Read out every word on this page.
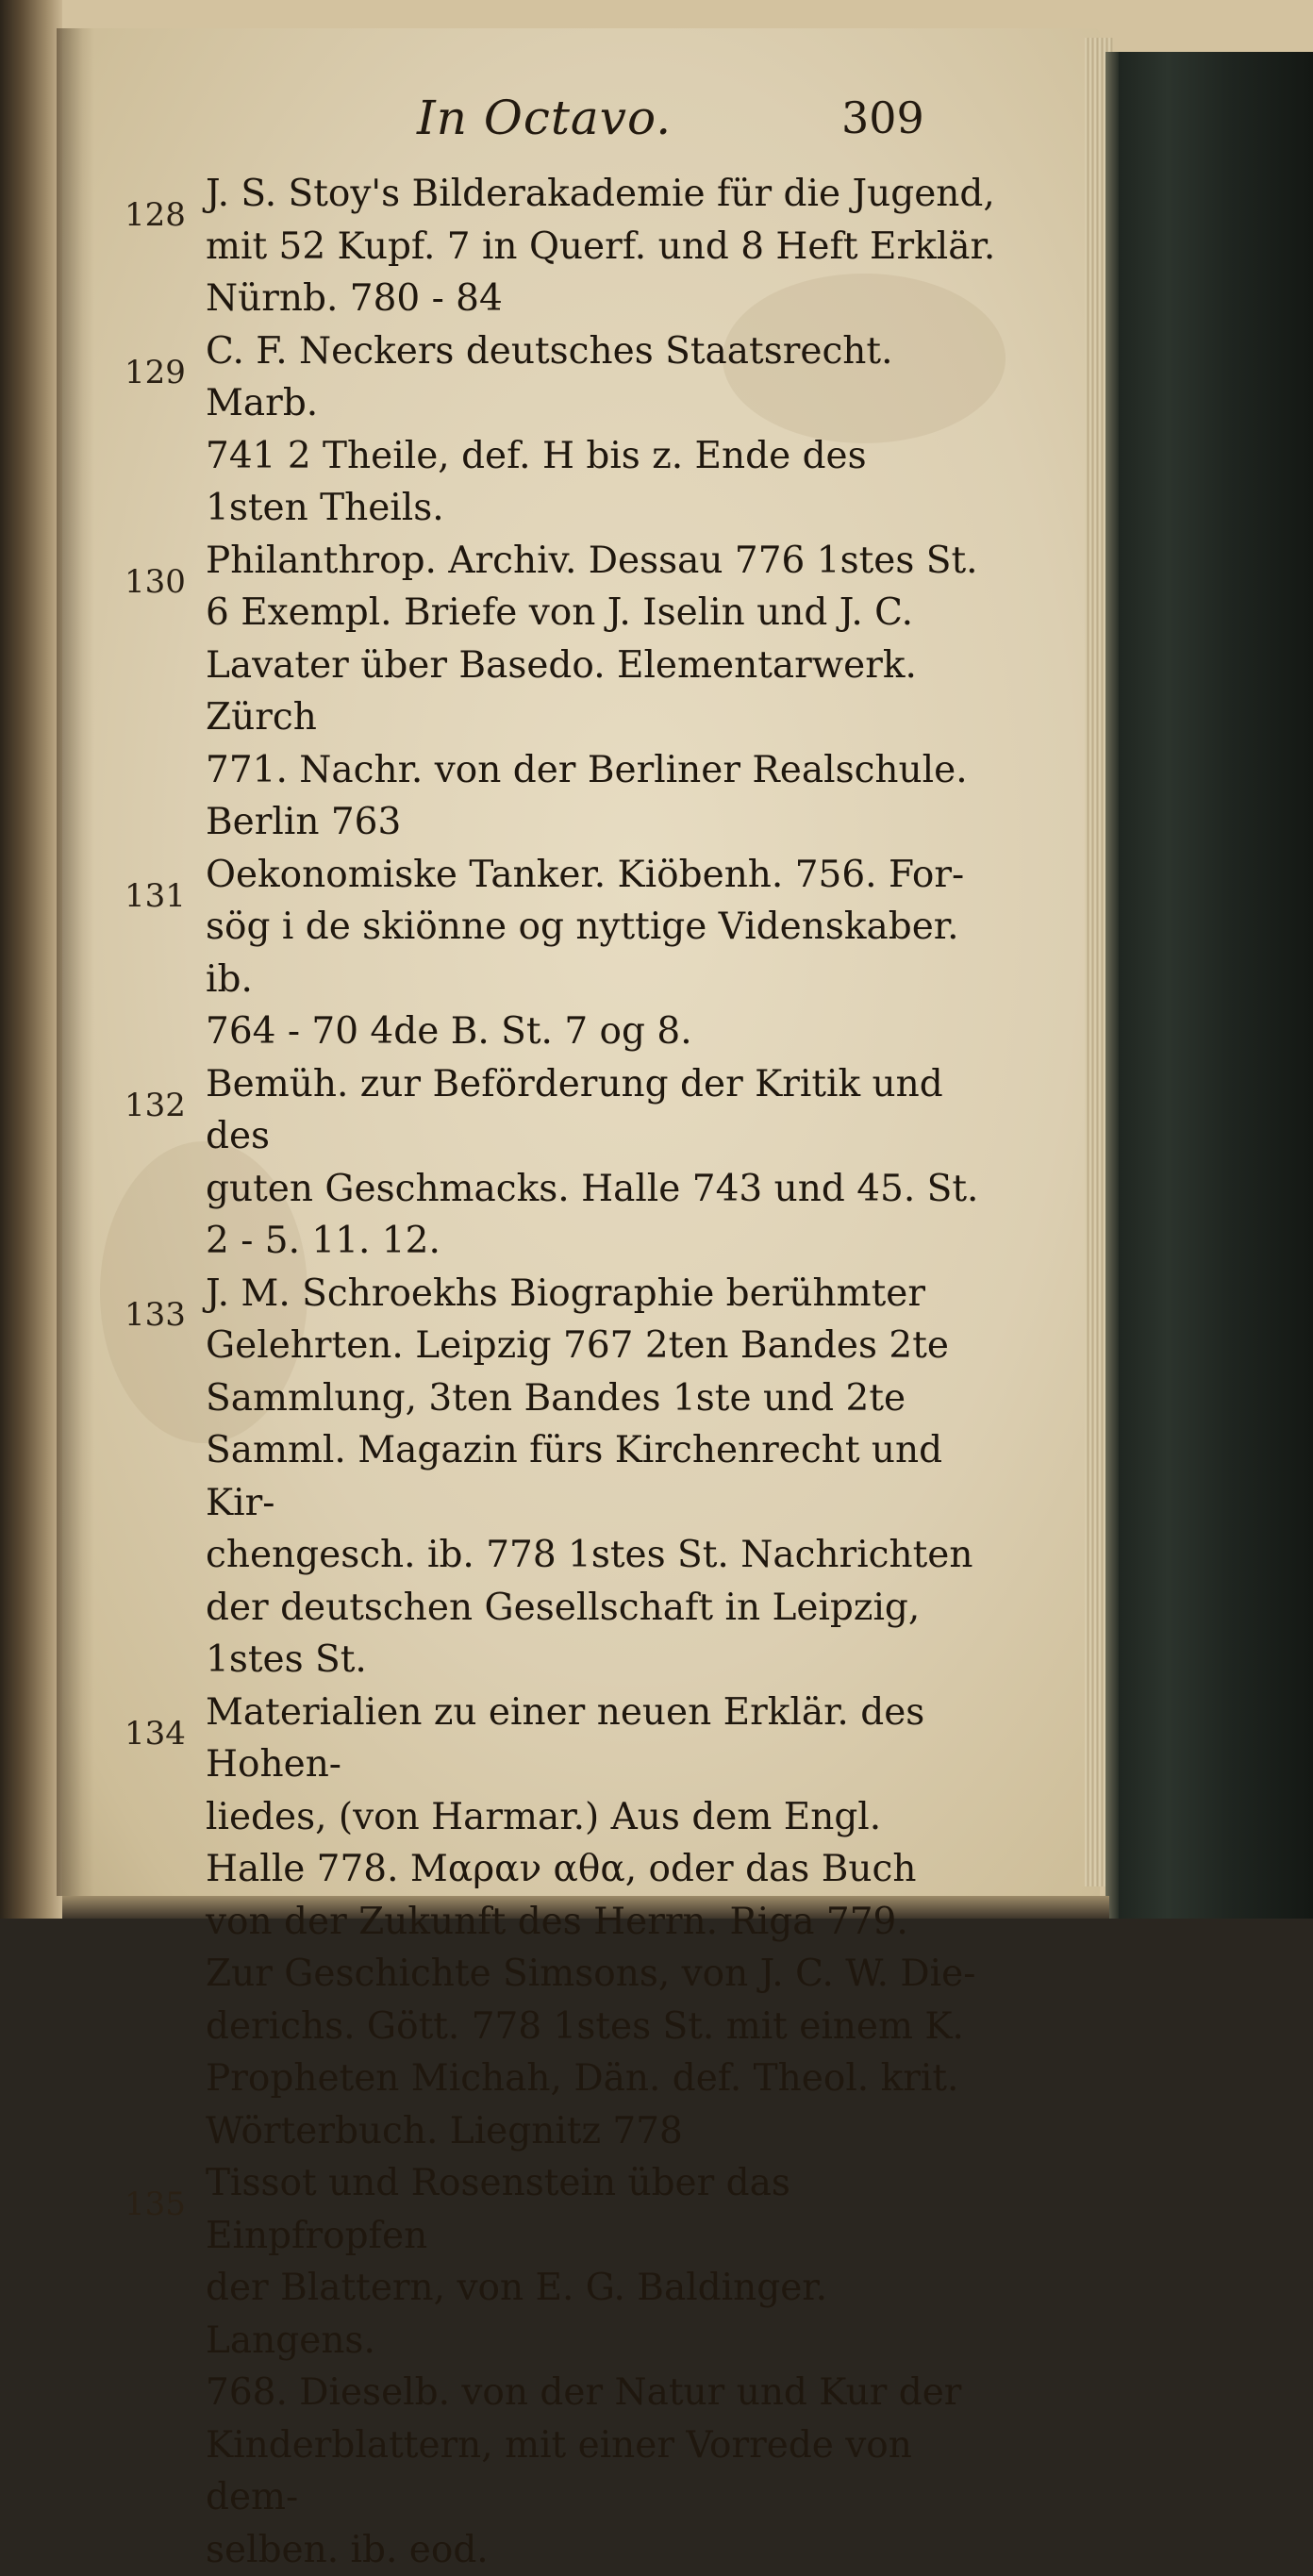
In Octavo.	309
128 J. S. Stoy's Bilderakademie für die Jugend,
mit 52 Kupf. 7 in Querf. und 8 Heft Erklär.
Nürnb. 780 - 84
129 C. F. Neckers deutsches Staatsrecht. Marb.
741 2 Theile, def. H bis z. Ende des
1sten Theils.
130 Philanthrop. Archiv. Dessau 776 1stes St.
6 Exempl. Briefe von J. Iselin und J. C.
Lavater über Basedo. Elementarwerk. Zürch
771. Nachr. von der Berliner Realschule.
Berlin 763
131 Oekonomiske Tanker. Kiöbenh. 756. For-
sög i de skiönne og nyttige Videnskaber. ib.
764 - 70 4de B. St. 7 og 8.
132 Bemüh. zur Beförderung der Kritik und des
guten Geschmacks. Halle 743 und 45. St.
2 - 5. 11. 12.
133 J. M. Schroekhs Biographie berühmter
Gelehrten. Leipzig 767 2ten Bandes 2te
Sammlung, 3ten Bandes 1ste und 2te
Samml. Magazin fürs Kirchenrecht und Kir-
chengesch. ib. 778 1stes St. Nachrichten
der deutschen Gesellschaft in Leipzig, 1stes St.
134 Materialien zu einer neuen Erklär. des Hohen-
liedes, (von Harmar.) Aus dem Engl.
Halle 778. Μαραν αθα, oder das Buch
von der Zukunft des Herrn. Riga 779.
Zur Geschichte Simsons, von J. C. W. Die-
derichs. Gött. 778 1stes St. mit einem K.
Propheten Michah, Dän. def. Theol. krit.
Wörterbuch. Liegnitz 778
135 Tissot und Rosenstein über das Einpfropfen
der Blattern, von E. G. Baldinger. Langens.
768. Dieselb. von der Natur und Kur der
Kinderblattern, mit einer Vorrede von dem-
selben. ib. eod.
